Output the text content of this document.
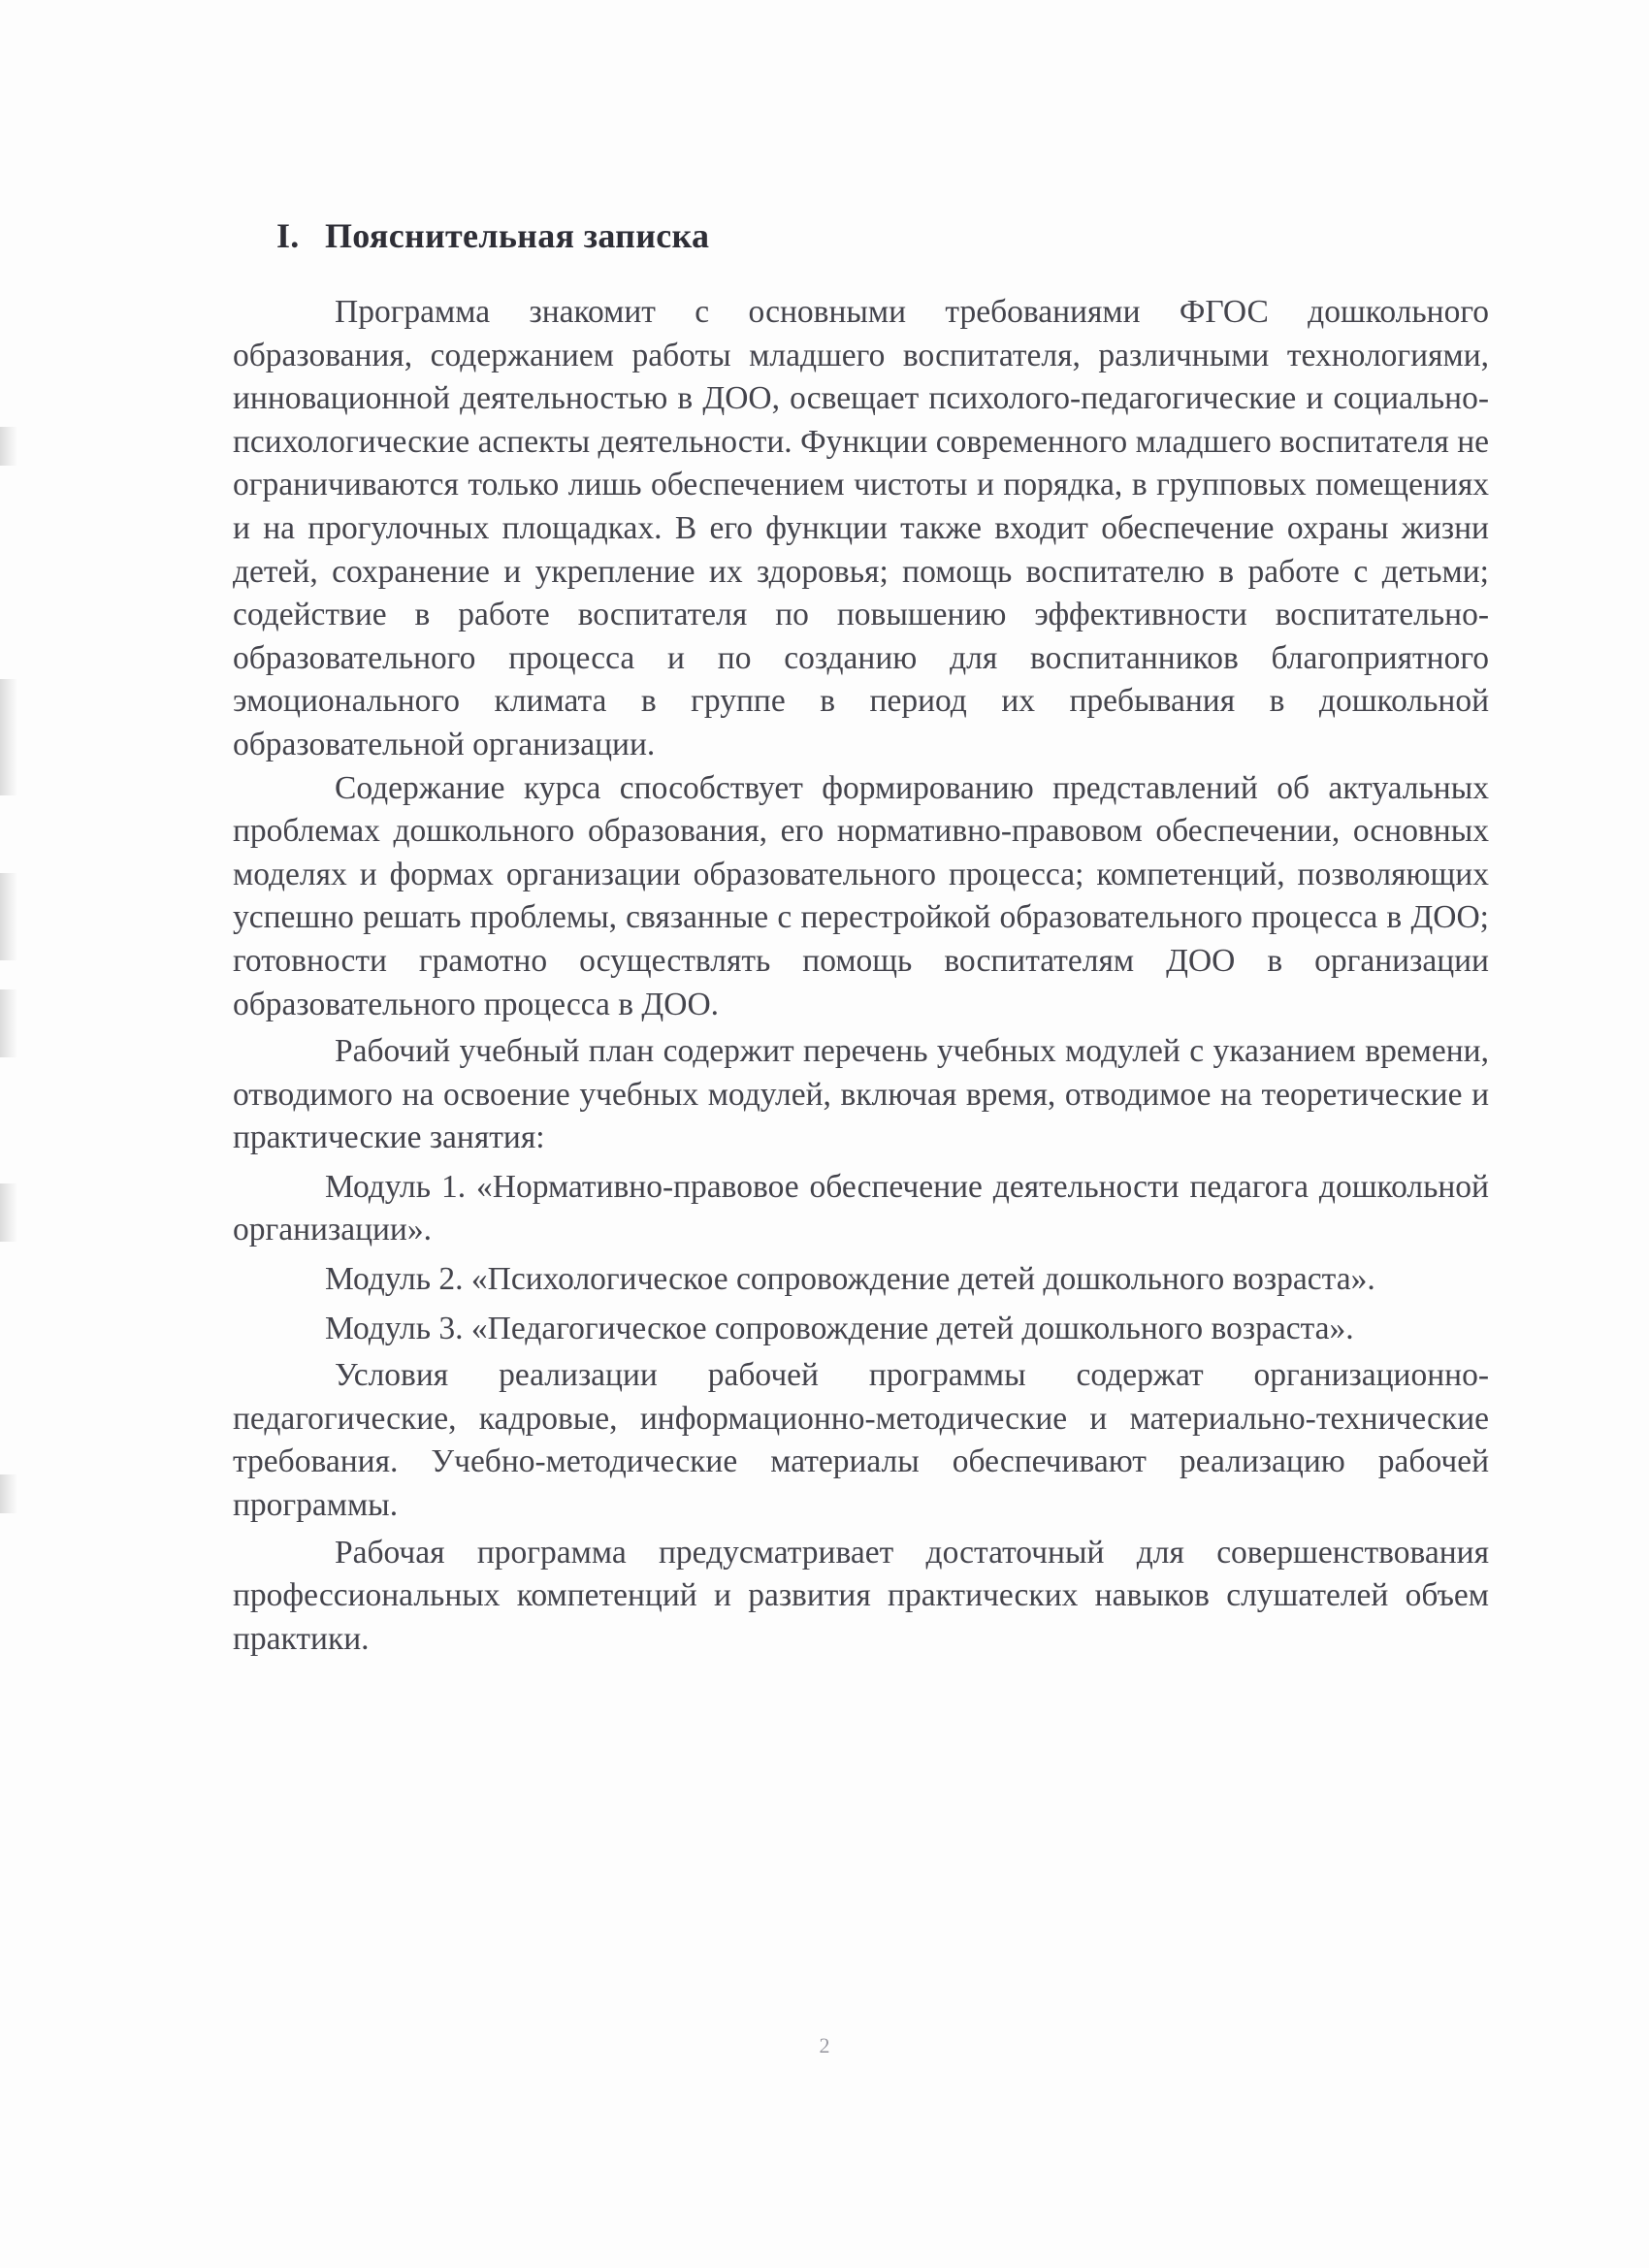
I. Пояснительная записка

Программа знакомит с основными требованиями ФГОС дошкольного образования, содержанием работы младшего воспитателя, различными технологиями, инновационной деятельностью в ДОО, освещает психолого-педагогические и социально-психологические аспекты деятельности. Функции современного младшего воспитателя не ограничиваются только лишь обеспечением чистоты и порядка, в групповых помещениях и на прогулочных площадках. В его функции также входит обеспечение охраны жизни детей, сохранение и укрепление их здоровья; помощь воспитателю в работе с детьми; содействие в работе воспитателя по повышению эффективности воспитательно-образовательного процесса и по созданию для воспитанников благоприятного эмоционального климата в группе в период их пребывания в дошкольной образовательной организации.

Содержание курса способствует формированию представлений об актуальных проблемах дошкольного образования, его нормативно-правовом обеспечении, основных моделях и формах организации образовательного процесса; компетенций, позволяющих успешно решать проблемы, связанные с перестройкой образовательного процесса в ДОО; готовности грамотно осуществлять помощь воспитателям ДОО в организации образовательного процесса в ДОО.

Рабочий учебный план содержит перечень учебных модулей с указанием времени, отводимого на освоение учебных модулей, включая время, отводимое на теоретические и практические занятия:

Модуль 1. «Нормативно-правовое обеспечение деятельности педагога дошкольной организации».

Модуль 2. «Психологическое сопровождение детей дошкольного возраста».

Модуль 3. «Педагогическое сопровождение детей дошкольного возраста».

Условия реализации рабочей программы содержат организационно-педагогические, кадровые, информационно-методические и материально-технические требования. Учебно-методические материалы обеспечивают реализацию рабочей программы.

Рабочая программа предусматривает достаточный для совершенствования профессиональных компетенций и развития практических навыков слушателей объем практики.

2
